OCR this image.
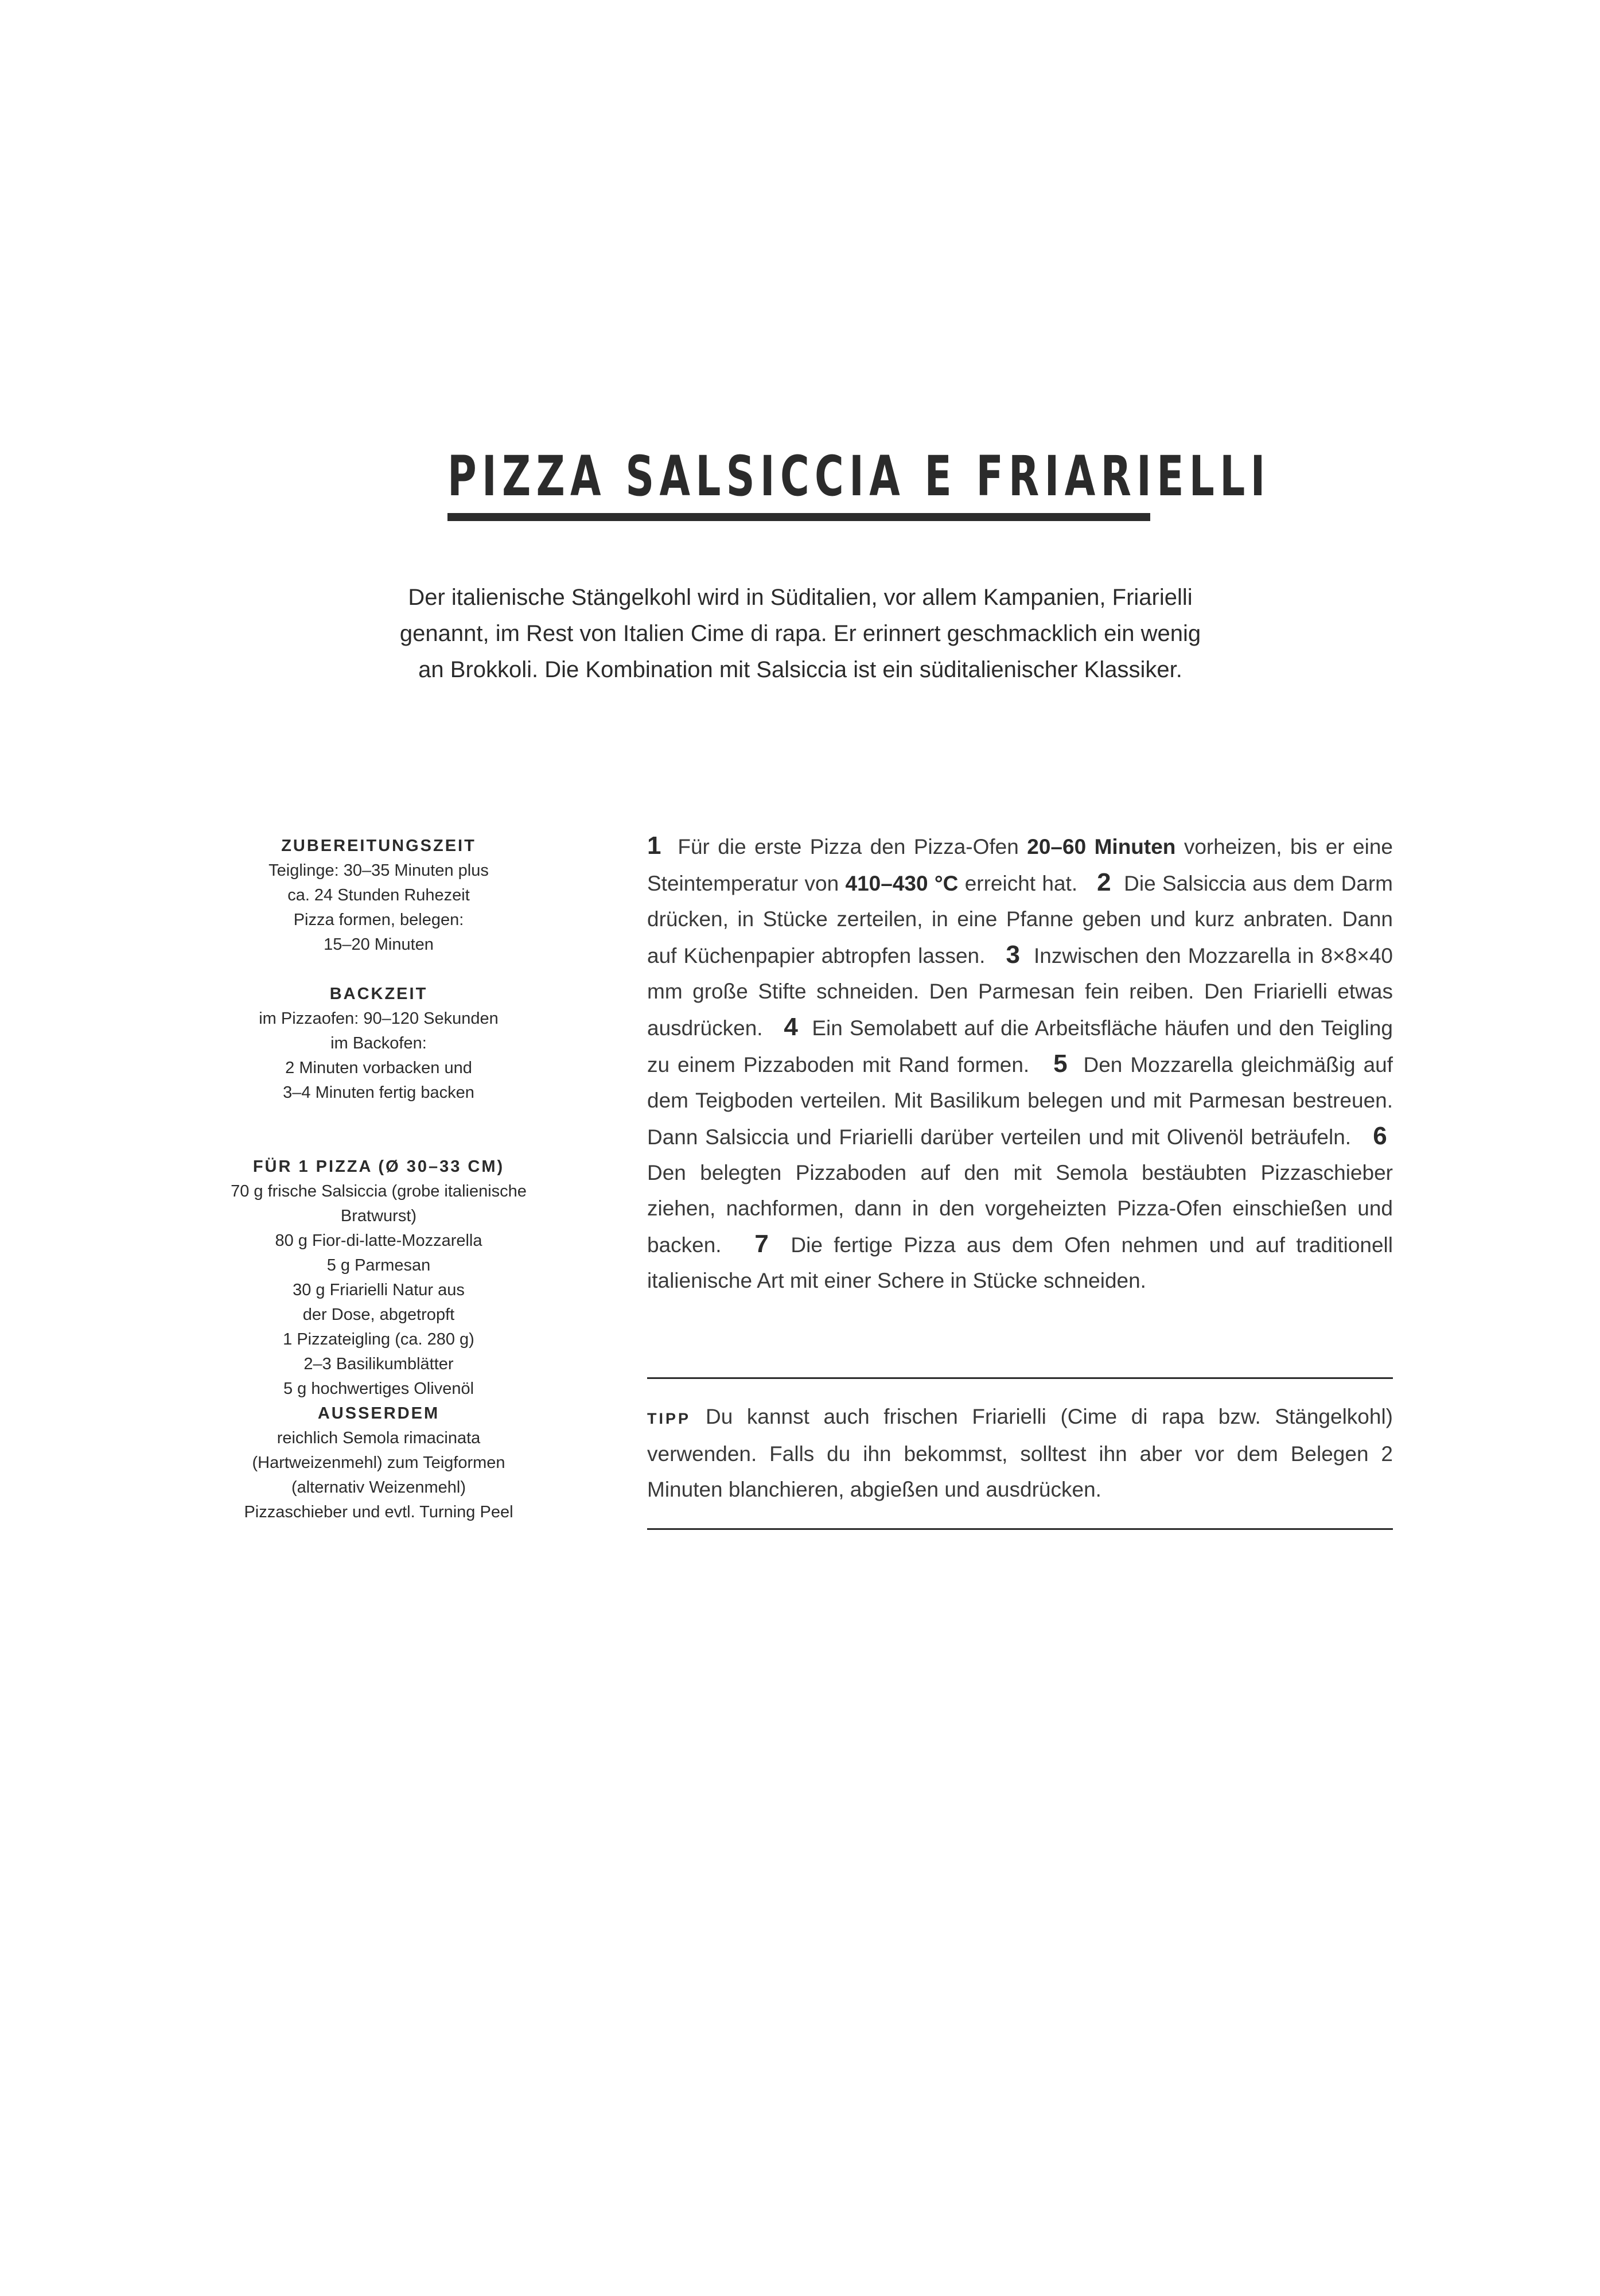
PIZZA SALSICCIA E FRIARIELLI
Der italienische Stängelkohl wird in Süditalien, vor allem Kampanien, Friarielli
genannt, im Rest von Italien Cime di rapa. Er erinnert geschmacklich ein wenig
an Brokkoli. Die Kombination mit Salsiccia ist ein süditalienischer Klassiker.
ZUBEREITUNGSZEIT
Teiglinge: 30–35 Minuten plus
ca. 24 Stunden Ruhezeit
Pizza formen, belegen:
15–20 Minuten
BACKZEIT
im Pizzaofen: 90–120 Sekunden
im Backofen:
2 Minuten vorbacken und
3–4 Minuten fertig backen
FÜR 1 PIZZA (Ø 30–33 CM)
70 g frische Salsiccia (grobe italienische
Bratwurst)
80 g Fior-di-latte-Mozzarella
5 g Parmesan
30 g Friarielli Natur aus
der Dose, abgetropft
1 Pizzateigling (ca. 280 g)
2–3 Basilikumblätter
5 g hochwertiges Olivenöl
AUSSERDEM
reichlich Semola rimacinata
(Hartweizenmehl) zum Teigformen
(alternativ Weizenmehl)
Pizzaschieber und evtl. Turning Peel
1 Für die erste Pizza den Pizza-Ofen 20–60 Minuten vorheizen, bis er eine Steintemperatur von 410–430 °C erreicht hat. 2 Die Salsiccia aus dem Darm drücken, in Stücke zerteilen, in eine Pfanne geben und kurz anbraten. Dann auf Küchenpapier abtropfen lassen. 3 Inzwischen den Mozzarella in 8×8×40 mm große Stifte schneiden. Den Parmesan fein reiben. Den Friarielli etwas ausdrücken. 4 Ein Semolabett auf die Arbeitsfläche häufen und den Teigling zu einem Pizzaboden mit Rand formen. 5 Den Mozzarella gleichmäßig auf dem Teigboden verteilen. Mit Basilikum belegen und mit Parmesan bestreuen. Dann Salsiccia und Friarielli darüber verteilen und mit Olivenöl beträufeln. 6  Den belegten Pizzaboden auf den mit Semola bestäubten Pizzaschieber ziehen, nachformen, dann in den vorgeheizten Pizza-Ofen einschießen und backen. 7 Die fertige Pizza aus dem Ofen nehmen und auf traditionell italienische Art mit einer Schere in Stücke schneiden.
TIPP Du kannst auch frischen Friarielli (Cime di rapa bzw. Stängelkohl) verwenden. Falls du ihn bekommst, solltest ihn aber vor dem Belegen 2 Minuten blanchieren, abgießen und ausdrücken.
